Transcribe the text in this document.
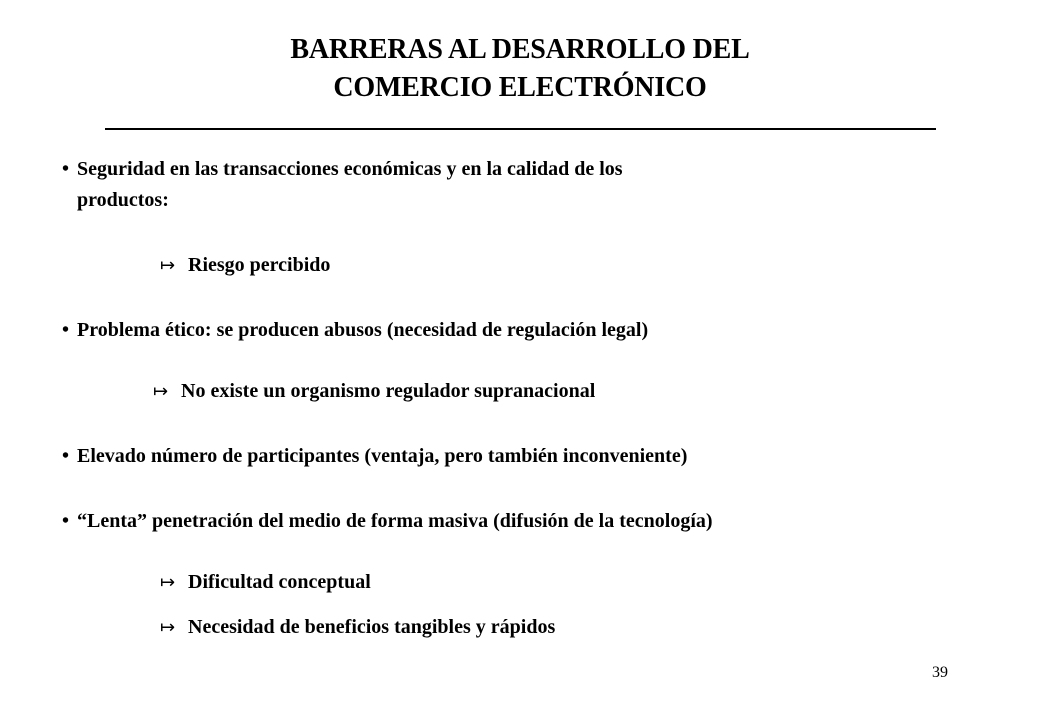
BARRERAS AL DESARROLLO DEL
COMERCIO ELECTRÓNICO
• Seguridad en las transacciones económicas y en la calidad de los
productos:
↦ Riesgo percibido
• Problema ético: se producen abusos (necesidad de regulación legal)
↦ No existe un organismo regulador supranacional
• Elevado número de participantes (ventaja, pero también inconveniente)
• “Lenta” penetración del medio de forma masiva (difusión de la tecnología)
↦ Dificultad conceptual
↦ Necesidad de beneficios tangibles y rápidos
39
